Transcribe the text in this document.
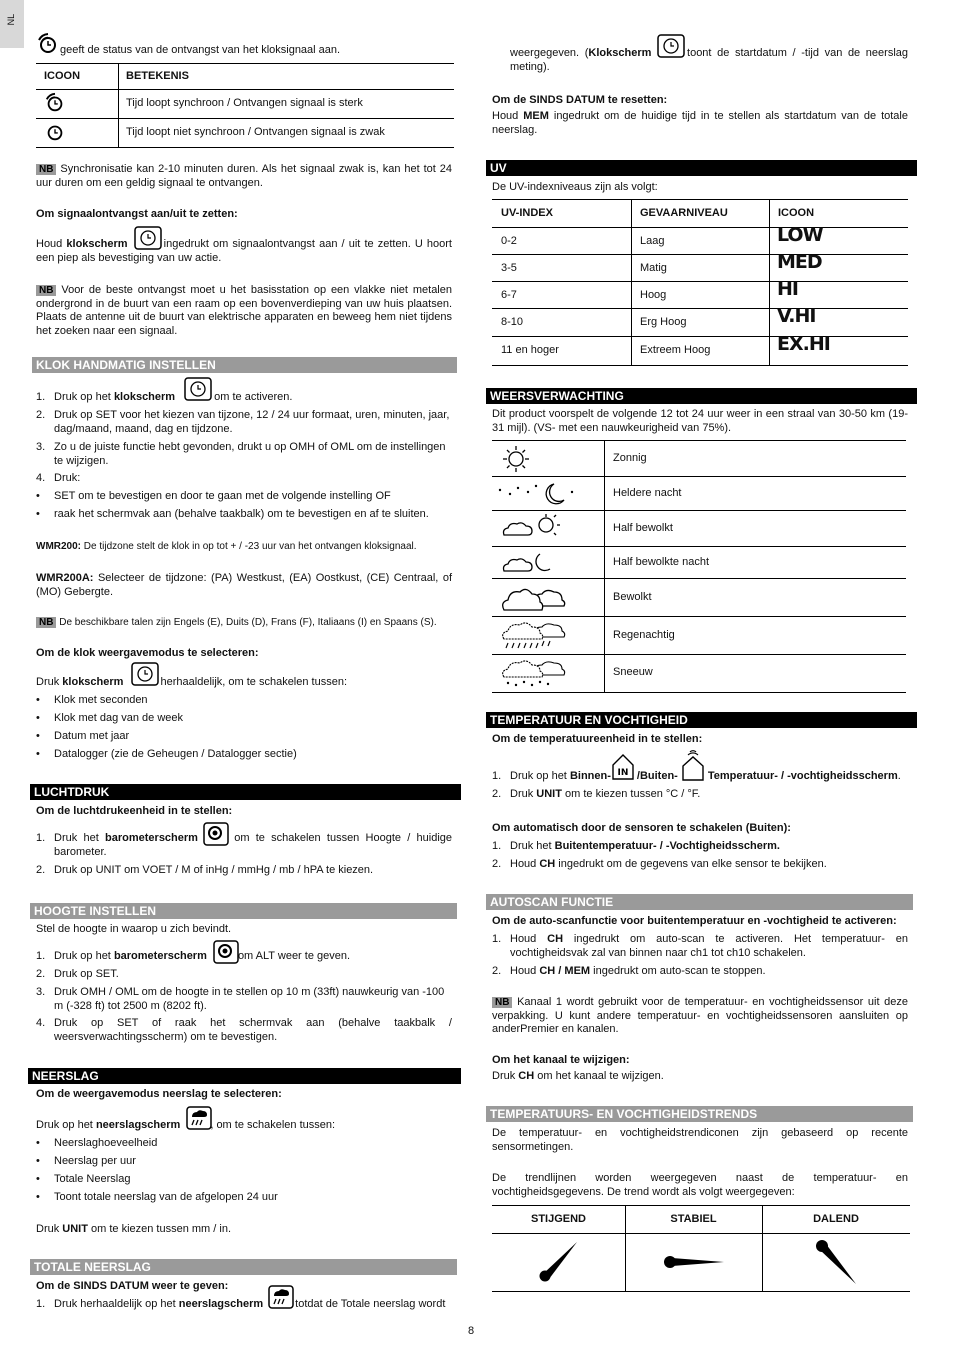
NL
geeft de status van de ontvangst van het kloksignaal aan.
ICOON	BETEKENIS
Tijd loopt synchroon / Ontvangen signaal is sterk
Tijd loopt niet synchroon / Ontvangen signaal is zwak
NB Synchronisatie kan 2-10 minuten duren. Als het signaal zwak is, kan het tot 24 uur duren om een geldig signaal te ontvangen.
Om signaalontvangst aan/uit te zetten:
Houd klokscherm	ingedrukt om signaalontvangst aan / uit te zetten. U hoort een piep als bevestiging van uw actie.
NB Voor de beste ontvangst moet u het basisstation op een vlakke niet metalen ondergrond in de buurt van een raam op een bovenverdieping van uw huis plaatsen. Plaats de antenne uit de buurt van elektrische apparaten en beweeg hem niet tijdens het zoeken naar een signaal.
KLOK HANDMATIG INSTELLEN
1. Druk op het klokscherm	om te activeren.
2. Druk op SET voor het kiezen van tijzone, 12 / 24 uur formaat, uren, minuten, jaar, dag/maand, maand, dag en tijdzone.
3. Zo u de juiste functie hebt gevonden, drukt u op OMH of OML om de instellingen te wijzigen.
4. Druk:
• SET om te bevestigen en door te gaan met de volgende instelling OF
• raak het schermvak aan (behalve taakbalk) om te bevestigen en af te sluiten.
WMR200: De tijdzone stelt de klok in op tot + / -23 uur van het ontvangen kloksignaal.
WMR200A: Selecteer de tijdzone: (PA) Westkust, (EA) Oostkust, (CE) Centraal, of (MO) Gebergte.
NB De beschikbare talen zijn Engels (E), Duits (D), Frans (F), Italiaans (I) en Spaans (S).
Om de klok weergavemodus te selecteren:
Druk klokscherm	herhaaldelijk, om te schakelen tussen:
• Klok met seconden
• Klok met dag van de week
• Datum met jaar
• Datalogger (zie de Geheugen / Datalogger sectie)
LUCHTDRUK
Om de luchtdrukeenheid in te stellen:
1. Druk het barometerscherm	om te schakelen tussen Hoogte / huidige barometer.
2. Druk op UNIT om VOET / M of inHg / mmHg / mb / hPA te kiezen.
HOOGTE INSTELLEN
Stel de hoogte in waarop u zich bevindt.
1. Druk op het barometerscherm	om ALT weer te geven.
2. Druk op SET.
3. Druk OMH / OML om de hoogte in te stellen op 10 m (33ft) nauwkeurig van -100 m (-328 ft) tot 2500 m (8202 ft).
4. Druk op SET of raak het schermvak aan (behalve taakbalk / weersverwachtingsscherm) om te bevestigen.
NEERSLAG
Om de weergavemodus neerslag te selecteren:
Druk op het neerslagscherm	, om te schakelen tussen:
• Neerslaghoeveelheid
• Neerslag per uur
• Totale Neerslag
• Toont totale neerslag van de afgelopen 24 uur
Druk UNIT om te kiezen tussen mm / in.
TOTALE NEERSLAG
Om de SINDS DATUM weer te geven:
1. Druk herhaaldelijk op het neerslagscherm	totdat de Totale neerslag wordt
weergegeven. (Klokscherm	toont de startdatum / -tijd van de neerslag meting).
Om de SINDS DATUM te resetten:
Houd MEM ingedrukt om de huidige tijd in te stellen als startdatum van de totale neerslag.
UV
De UV-indexniveaus zijn als volgt:
UV-INDEX	GEVAARNIVEAU	ICOON
0-2	Laag	LOW
3-5	Matig	MED
6-7	Hoog	HI
8-10	Erg Hoog	V.HI
11 en hoger	Extreem Hoog	EX.HI
WEERSVERWACHTING
Dit product voorspelt de volgende 12 tot 24 uur weer in een straal van 30-50 km (19-31 mijl). (VS- met een nauwkeurigheid van 75%).
Zonnig
Heldere nacht
Half bewolkt
Half bewolkte nacht
Bewolkt
Regenachtig
Sneeuw
TEMPERATUUR EN VOCHTIGHEID
Om de temperatuureenheid in te stellen:
IN
1. Druk op het Binnen- /Buiten-	Temperatuur- / -vochtigheidsscherm.
2. Druk UNIT om te kiezen tussen °C / °F.
Om automatisch door de sensoren te schakelen (Buiten):
1. Druk het Buitentemperatuur- / -Vochtigheidsscherm.
2. Houd CH ingedrukt om de gegevens van elke sensor te bekijken.
AUTOSCAN FUNCTIE
Om de auto-scanfunctie voor buitentemperatuur en -vochtigheid te activeren:
1. Houd CH ingedrukt om auto-scan te activeren. Het temperatuur- en vochtigheidsvak zal van binnen naar ch1 tot ch10 schakelen.
2. Houd CH / MEM ingedrukt om auto-scan te stoppen.
NB Kanaal 1 wordt gebruikt voor de temperatuur- en vochtigheidssensor uit deze verpakking. U kunt andere temperatuur- en vochtigheidssensoren aansluiten op anderPremier en kanalen.
Om het kanaal te wijzigen:
Druk CH om het kanaal te wijzigen.
TEMPERATUURS- EN VOCHTIGHEIDSTRENDS
De temperatuur- en vochtigheidstrendiconen zijn gebaseerd op recente sensormetingen.
De trendlijnen worden weergegeven naast de temperatuur- en vochtigheidsgegevens. De trend wordt als volgt weergegeven:
STIJGEND	STABIEL	DALEND
8
